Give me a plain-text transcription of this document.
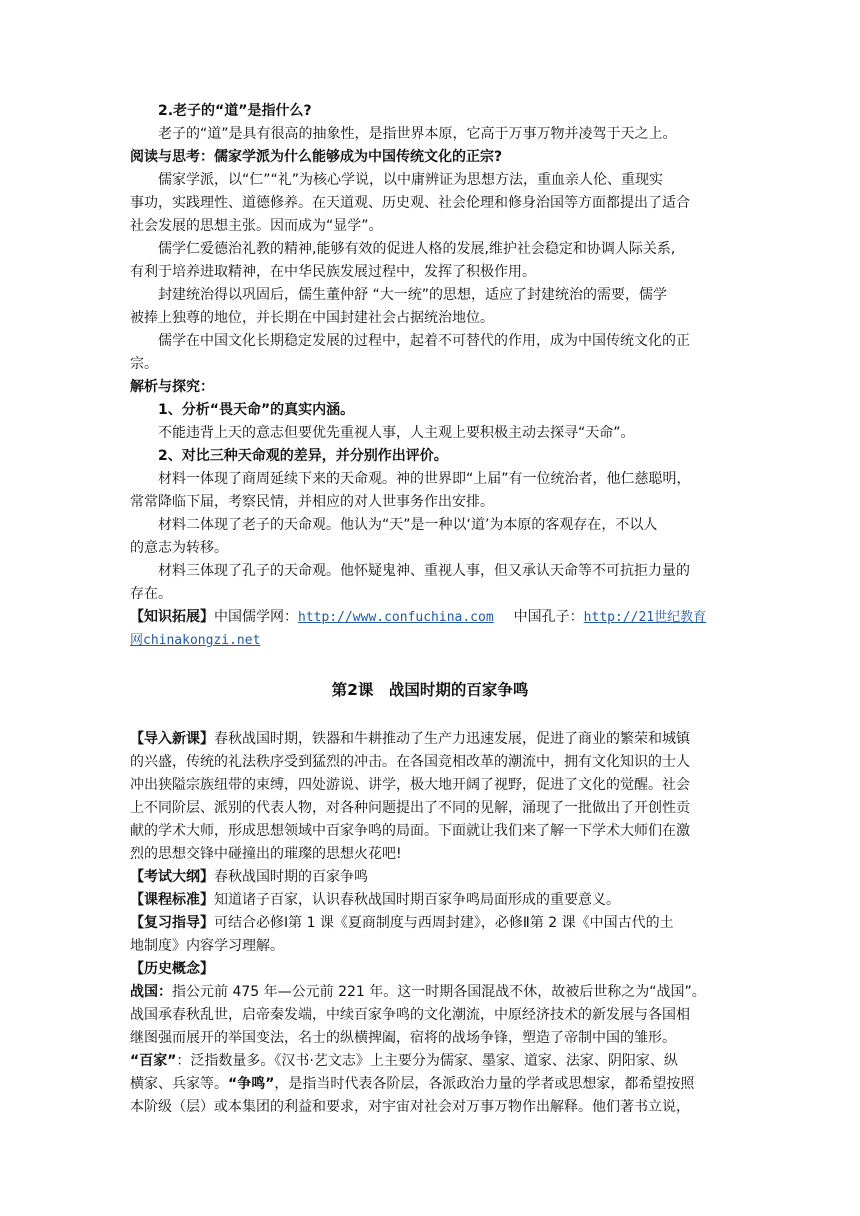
2.老子的“道”是指什么?

老子的“道”是具有很高的抽象性，是指世界本原，它高于万事万物并凌驾于天之上。

阅读与思考：儒家学派为什么能够成为中国传统文化的正宗?

儒家学派，以“仁”“礼”为核心学说，以中庸辨证为思想方法，重血亲人伦、重现实

事功，实践理性、道德修养。在天道观、历史观、社会伦理和修身治国等方面都提出了适合

社会发展的思想主张。因而成为“显学”。

儒学仁爱德治礼教的精神,能够有效的促进人格的发展,维护社会稳定和协调人际关系,

有利于培养进取精神，在中华民族发展过程中，发挥了积极作用。

封建统治得以巩固后，儒生董仲舒 “大一统”的思想，适应了封建统治的需要，儒学

被捧上独尊的地位，并长期在中国封建社会占据统治地位。

儒学在中国文化长期稳定发展的过程中，起着不可替代的作用，成为中国传统文化的正

宗。

解析与探究：

1、分析“畏天命”的真实内涵。

不能违背上天的意志但要优先重视人事，人主观上要积极主动去探寻“天命”。

2、对比三种天命观的差异，并分别作出评价。

材料一体现了商周延续下来的天命观。神的世界即“上届”有一位统治者，他仁慈聪明，

常常降临下届，考察民情，并相应的对人世事务作出安排。

材料二体现了老子的天命观。他认为“天”是一种以‘道’为本原的客观存在，不以人

的意志为转移。

材料三体现了孔子的天命观。他怀疑鬼神、重视人事，但又承认天命等不可抗拒力量的

存在。

【知识拓展】中国儒学网：http://www.confuchina.com 中国孔子：http://21世纪教育

网chinakongzi.net

第2课　战国时期的百家争鸣

【导入新课】春秋战国时期，铁器和牛耕推动了生产力迅速发展，促进了商业的繁荣和城镇

的兴盛，传统的礼法秩序受到猛烈的冲击。在各国竞相改革的潮流中，拥有文化知识的士人

冲出狭隘宗族纽带的束缚，四处游说、讲学，极大地开阔了视野，促进了文化的觉醒。社会

上不同阶层、派别的代表人物，对各种问题提出了不同的见解，涌现了一批做出了开创性贡

献的学术大师，形成思想领域中百家争鸣的局面。下面就让我们来了解一下学术大师们在激

烈的思想交锋中碰撞出的璀璨的思想火花吧!

【考试大纲】春秋战国时期的百家争鸣

【课程标准】知道诸子百家，认识春秋战国时期百家争鸣局面形成的重要意义。

【复习指导】可结合必修Ⅰ第 1 课《夏商制度与西周封建》，必修Ⅱ第 2 课《中国古代的土

地制度》内容学习理解。

【历史概念】

战国：指公元前 475 年—公元前 221 年。这一时期各国混战不休，故被后世称之为“战国”。

战国承春秋乱世，启帝秦发端，中续百家争鸣的文化潮流，中原经济技术的新发展与各国相

继图强而展开的举国变法，名士的纵横捭阖，宿将的战场争锋，塑造了帝制中国的雏形。

“百家”：泛指数量多。《汉书·艺文志》上主要分为儒家、墨家、道家、法家、阴阳家、纵

横家、兵家等。“争鸣”，是指当时代表各阶层，各派政治力量的学者或思想家，都希望按照

本阶级（层）或本集团的利益和要求，对宇宙对社会对万事万物作出解释。他们著书立说，
